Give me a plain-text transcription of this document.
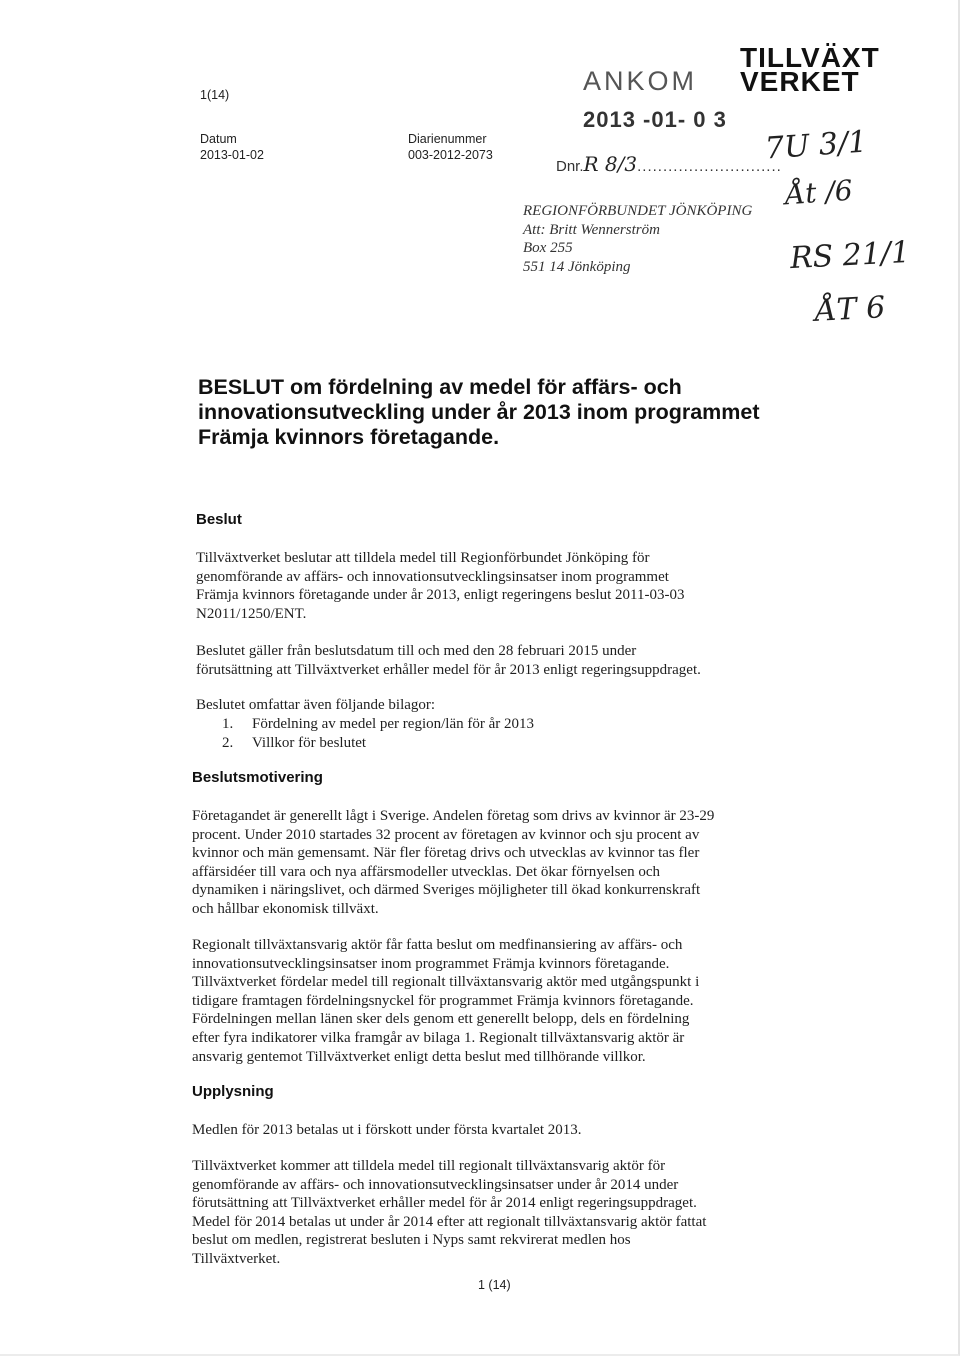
1(14)
Datum
2013-01-02
Diarienummer
003-2012-2073
ANKOM
2013 -01- 0 3
Dnr.R 8/3............................
TILLVÄXT
VERKET
7U 3/1
Åt /6
RS 21/1
ÅT 6
REGIONFÖRBUNDET JÖNKÖPING
Att: Britt Wennerström
Box 255
551 14 Jönköping
BESLUT om fördelning av medel för affärs- och
innovationsutveckling under år 2013 inom programmet
Främja kvinnors företagande.
Beslut
Tillväxtverket beslutar att tilldela medel till Regionförbundet Jönköping för
genomförande av affärs- och innovationsutvecklingsinsatser inom programmet
Främja kvinnors företagande under år 2013, enligt regeringens beslut 2011-03-03
N2011/1250/ENT.
Beslutet gäller från beslutsdatum till och med den 28 februari 2015 under
förutsättning att Tillväxtverket erhåller medel för år 2013 enligt regeringsuppdraget.
Beslutet omfattar även följande bilagor:
1.	Fördelning av medel per region/län för år 2013
2.	Villkor för beslutet
Beslutsmotivering
Företagandet är generellt lågt i Sverige. Andelen företag som drivs av kvinnor är 23-29
procent. Under 2010 startades 32 procent av företagen av kvinnor och sju procent av
kvinnor och män gemensamt. När fler företag drivs och utvecklas av kvinnor tas fler
affärsidéer till vara och nya affärsmodeller utvecklas. Det ökar förnyelsen och
dynamiken i näringslivet, och därmed Sveriges möjligheter till ökad konkurrenskraft
och hållbar ekonomisk tillväxt.
Regionalt tillväxtansvarig aktör får fatta beslut om medfinansiering av affärs- och
innovationsutvecklingsinsatser inom programmet Främja kvinnors företagande.
Tillväxtverket fördelar medel till regionalt tillväxtansvarig aktör med utgångspunkt i
tidigare framtagen fördelningsnyckel för programmet Främja kvinnors företagande.
Fördelningen mellan länen sker dels genom ett generellt belopp, dels en fördelning
efter fyra indikatorer vilka framgår av bilaga 1. Regionalt tillväxtansvarig aktör är
ansvarig gentemot Tillväxtverket enligt detta beslut med tillhörande villkor.
Upplysning
Medlen för 2013 betalas ut i förskott under första kvartalet 2013.
Tillväxtverket kommer att tilldela medel till regionalt tillväxtansvarig aktör för
genomförande av affärs- och innovationsutvecklingsinsatser under år 2014 under
förutsättning att Tillväxtverket erhåller medel för år 2014 enligt regeringsuppdraget.
Medel för 2014 betalas ut under år 2014 efter att regionalt tillväxtansvarig aktör fattat
beslut om medlen, registrerat besluten i Nyps samt rekvirerat medlen hos
Tillväxtverket.
1 (14)
